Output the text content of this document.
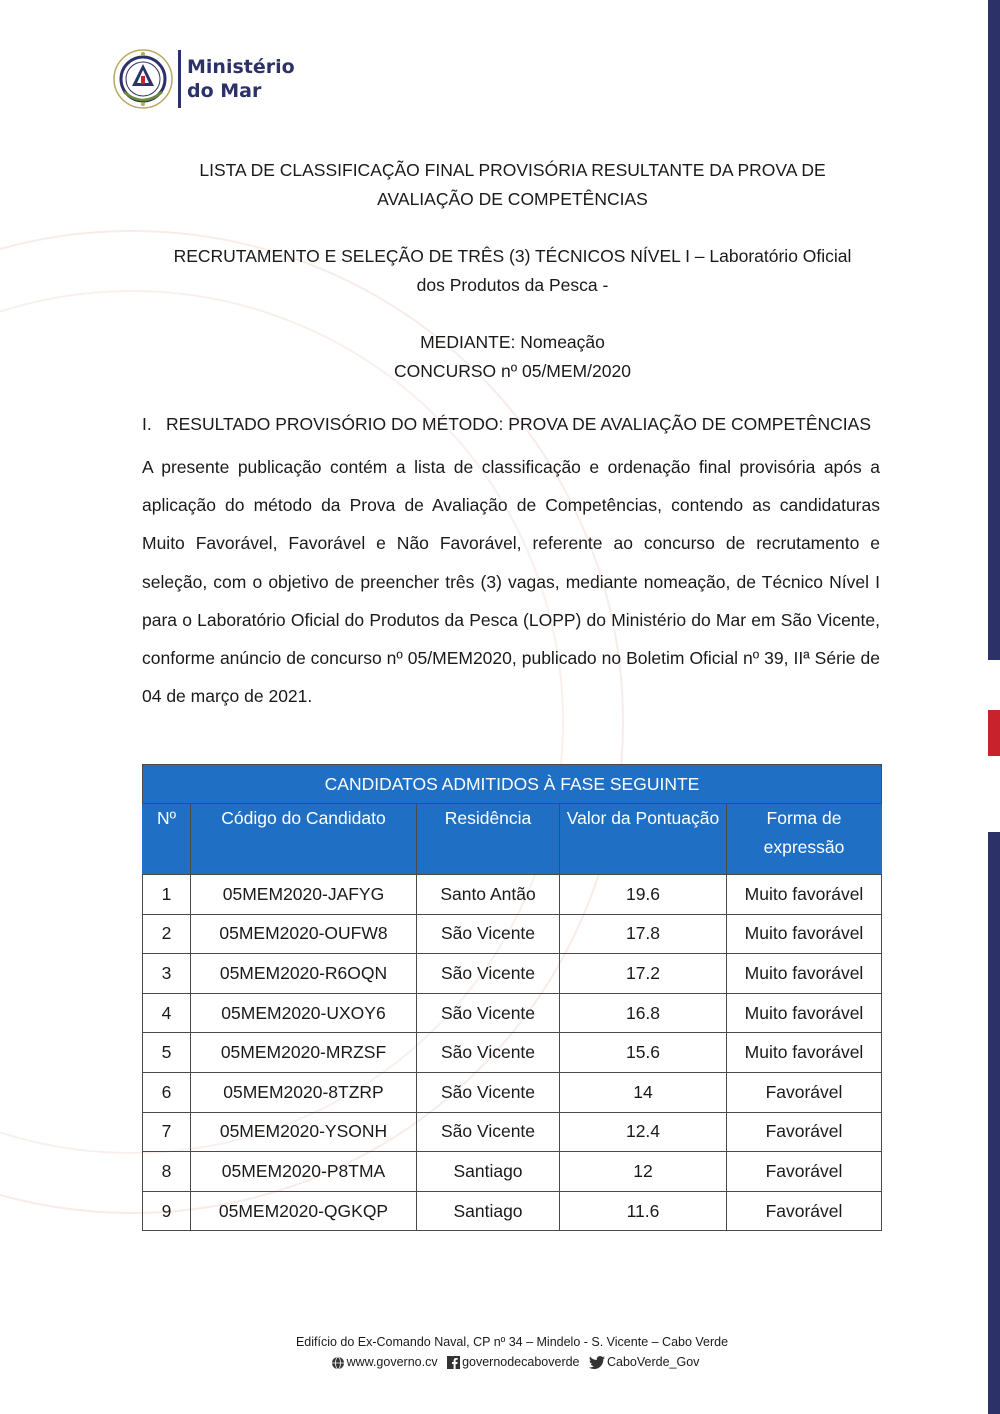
Ministério
do Mar
LISTA DE CLASSIFICAÇÃO FINAL PROVISÓRIA RESULTANTE DA PROVA DE
AVALIAÇÃO DE COMPETÊNCIAS
RECRUTAMENTO E SELEÇÃO DE TRÊS (3) TÉCNICOS NÍVEL I – Laboratório Oficial
dos Produtos da Pesca -
MEDIANTE: Nomeação
CONCURSO nº 05/MEM/2020
I. RESULTADO PROVISÓRIO DO MÉTODO: PROVA DE AVALIAÇÃO DE COMPETÊNCIAS
A presente publicação contém a lista de classificação e ordenação final provisória após a aplicação do método da Prova de Avaliação de Competências, contendo as candidaturas Muito Favorável, Favorável e Não Favorável, referente ao concurso de recrutamento e seleção, com o objetivo de preencher três (3) vagas, mediante nomeação, de Técnico Nível I para o Laboratório Oficial do Produtos da Pesca (LOPP) do Ministério do Mar em São Vicente, conforme anúncio de concurso nº 05/MEM2020, publicado no Boletim Oficial nº 39, IIª Série de 04 de março de 2021.
CANDIDATOS ADMITIDOS À FASE SEGUINTE				
Nº	Código do Candidato	Residência	Valor da Pontuação	Forma de expressão
1	05MEM2020-JAFYG	Santo Antão	19.6	Muito favorável
2	05MEM2020-OUFW8	São Vicente	17.8	Muito favorável
3	05MEM2020-R6OQN	São Vicente	17.2	Muito favorável
4	05MEM2020-UXOY6	São Vicente	16.8	Muito favorável
5	05MEM2020-MRZSF	São Vicente	15.6	Muito favorável
6	05MEM2020-8TZRP	São Vicente	14	Favorável
7	05MEM2020-YSONH	São Vicente	12.4	Favorável
8	05MEM2020-P8TMA	Santiago	12	Favorável
9	05MEM2020-QGKQP	Santiago	11.6	Favorável
Edifício do Ex-Comando Naval, CP nº 34 – Mindelo - S. Vicente – Cabo Verde
www.governo.cv governodecaboverde CaboVerde_Gov
